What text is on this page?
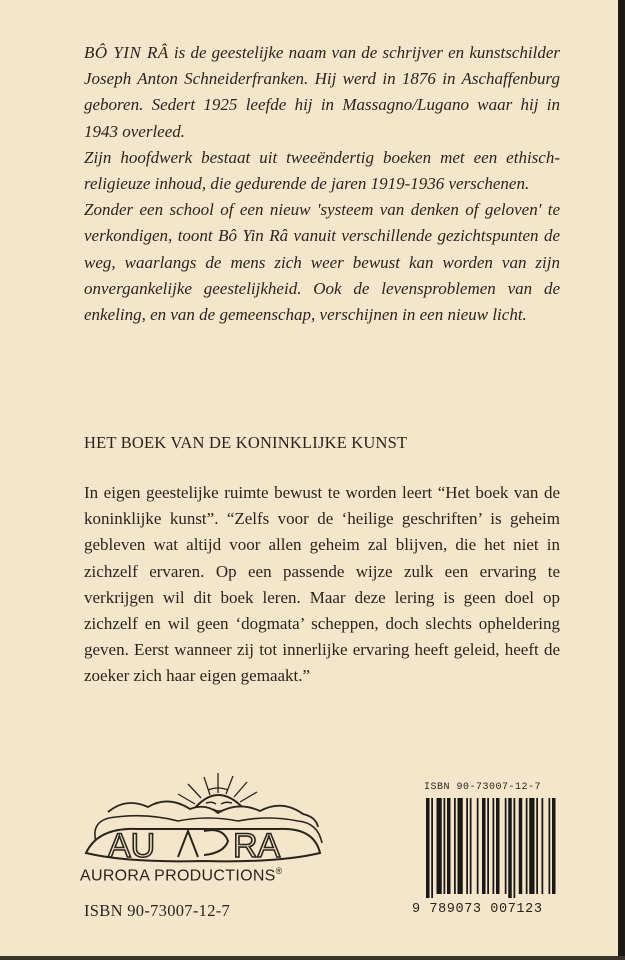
BÔ YIN RÂ is de geestelijke naam van de schrijver en kunstschilder Joseph Anton Schneiderfranken. Hij werd in 1876 in Aschaffenburg geboren. Sedert 1925 leefde hij in Massagno/Lugano waar hij in 1943 overleed.

Zijn hoofdwerk bestaat uit tweeëndertig boeken met een ethisch-religieuze inhoud, die gedurende de jaren 1919-1936 verschenen.

Zonder een school of een nieuw 'systeem van denken of geloven' te verkondigen, toont Bô Yin Râ vanuit verschillende gezichtspunten de weg, waarlangs de mens zich weer bewust kan worden van zijn onvergankelijke geestelijkheid. Ook de levensproblemen van de enkeling, en van de gemeenschap, verschijnen in een nieuw licht.

HET BOEK VAN DE KONINKLIJKE KUNST

In eigen geestelijke ruimte bewust te worden leert “Het boek van de koninklijke kunst”. “Zelfs voor de ‘heilige geschriften’ is geheim gebleven wat altijd voor allen geheim zal blijven, die het niet in zichzelf ervaren. Op een passende wijze zulk een ervaring te verkrijgen wil dit boek leren. Maar deze lering is geen doel op zichzelf en wil geen ‘dogmata’ scheppen, doch slechts opheldering geven. Eerst wanneer zij tot innerlijke ervaring heeft geleid, heeft de zoeker zich haar eigen gemaakt.”

AU RA

AURORA PRODUCTIONS®

ISBN 90-73007-12-7

ISBN 90-73007-12-7

9 789073 007123
